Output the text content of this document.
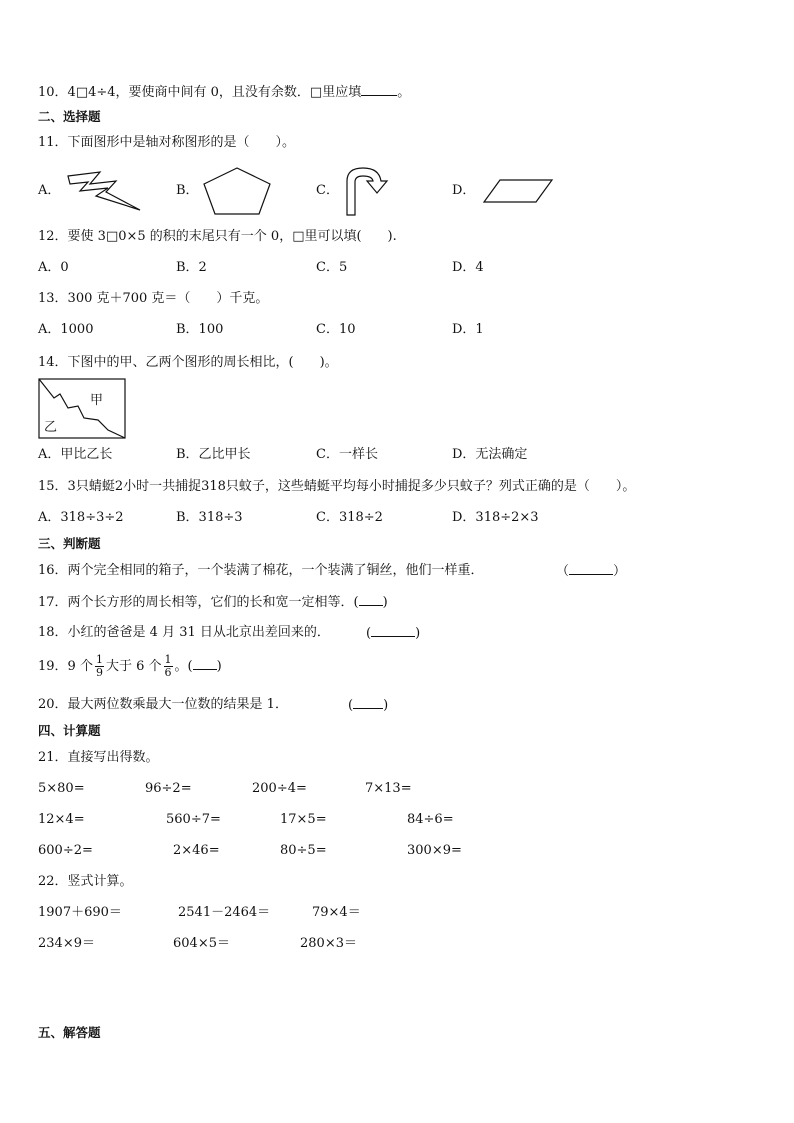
10．4□4÷4，要使商中间有 0，且没有余数．□里应填	。
二、选择题
11．下面图形中是轴对称图形的是（　　）。
A．	B．	C．	D．
12．要使 3□0×5 的积的末尾只有一个 0，□里可以填(　　).
A．0	B．2	C．5	D．4
13．300 克＋700 克＝（　　）千克。
A．1000	B．100	C．10	D．1
14．下图中的甲、乙两个图形的周长相比，(　　)。
甲
乙
A．甲比乙长	B．乙比甲长	C．一样长	D．无法确定
15．3只蜻蜓2小时一共捕捉318只蚊子，这些蜻蜓平均每小时捕捉多少只蚊子？列式正确的是（　　）。
A．318÷3÷2	B．318÷3	C．318÷2	D．318÷2×3
三、判断题
16．两个完全相同的箱子，一个装满了棉花，一个装满了铜丝，他们一样重．	（	）
17．两个长方形的周长相等，它们的长和宽一定相等．( )
18．小红的爸爸是 4 月 31 日从北京出差回来的．	(	)
19．9 个 $\frac{1}{9}$ 大于 6 个 $\frac{1}{6}$ 。( )
20．最大两位数乘最大一位数的结果是 1．	( )
四、计算题
21．直接写出得数。
5×80=	96÷2=	200÷4=	7×13=
12×4=	560÷7=	17×5=	84÷6=
600÷2=	2×46=	80÷5=	300×9=
22．竖式计算。
1907＋690＝	2541－2464＝	79×4＝
234×9＝	604×5＝	280×3＝
五、解答题
